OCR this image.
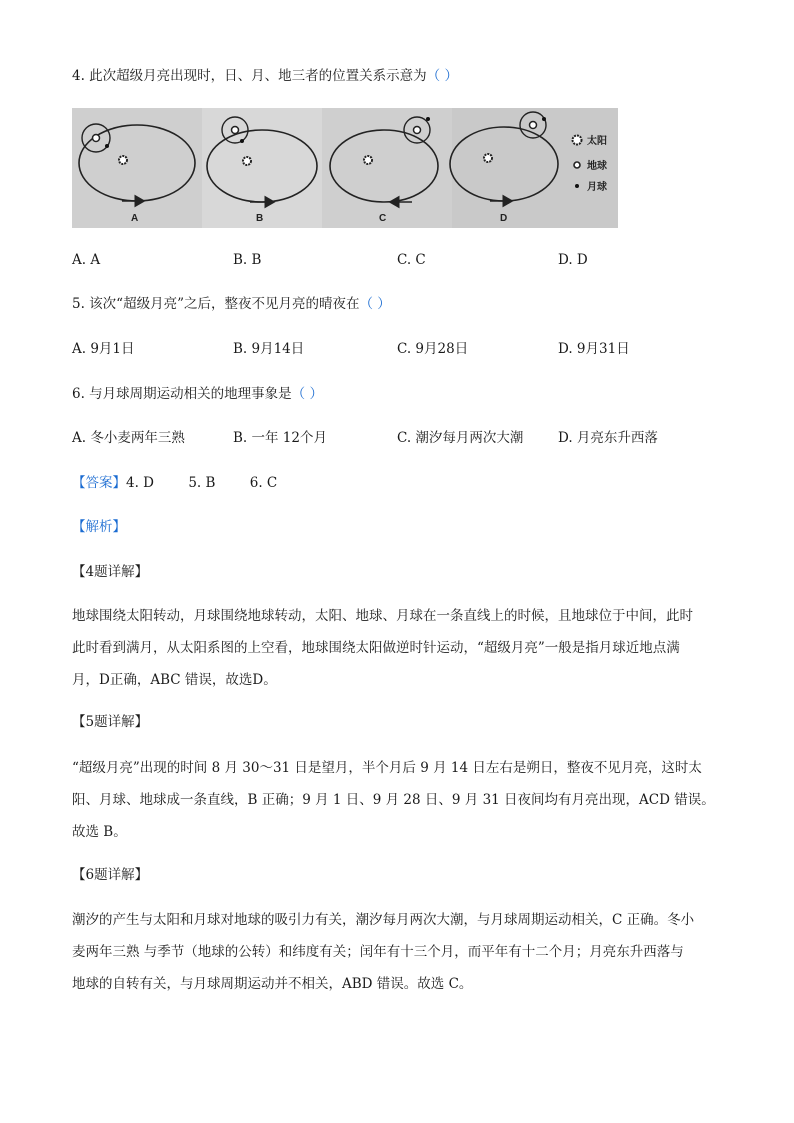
4. 此次超级月亮出现时，日、月、地三者的位置关系示意为（ ）
A	B	C	D
太阳
地球
月球
A. A	B. B	C. C	D. D
5. 该次“超级月亮”之后，整夜不见月亮的晴夜在（ ）
A. 9月1日	B. 9月14日	C. 9月28日	D. 9月31日
6. 与月球周期运动相关的地理事象是（ ）
A. 冬小麦两年三熟	B. 一年 12个月	C. 潮汐每月两次大潮	D. 月亮东升西落
【答案】4. D        5. B        6. C
【解析】
【4题详解】
地球围绕太阳转动，月球围绕地球转动，太阳、地球、月球在一条直线上的时候，且地球位于中间，此时
此时看到满月，从太阳系图的上空看，地球围绕太阳做逆时针运动，“超级月亮”一般是指月球近地点满
月，D正确，ABC 错误，故选D。
【5题详解】
“超级月亮”出现的时间 8 月 30～31 日是望月，半个月后 9 月 14 日左右是朔日，整夜不见月亮，这时太
阳、月球、地球成一条直线，B 正确；9 月 1 日、9 月 28 日、9 月 31 日夜间均有月亮出现，ACD 错误。
故选 B。
【6题详解】
潮汐的产生与太阳和月球对地球的吸引力有关，潮汐每月两次大潮，与月球周期运动相关，C 正确。冬小
麦两年三熟 与季节（地球的公转）和纬度有关；闰年有十三个月，而平年有十二个月；月亮东升西落与
地球的自转有关，与月球周期运动并不相关，ABD 错误。故选 C。
